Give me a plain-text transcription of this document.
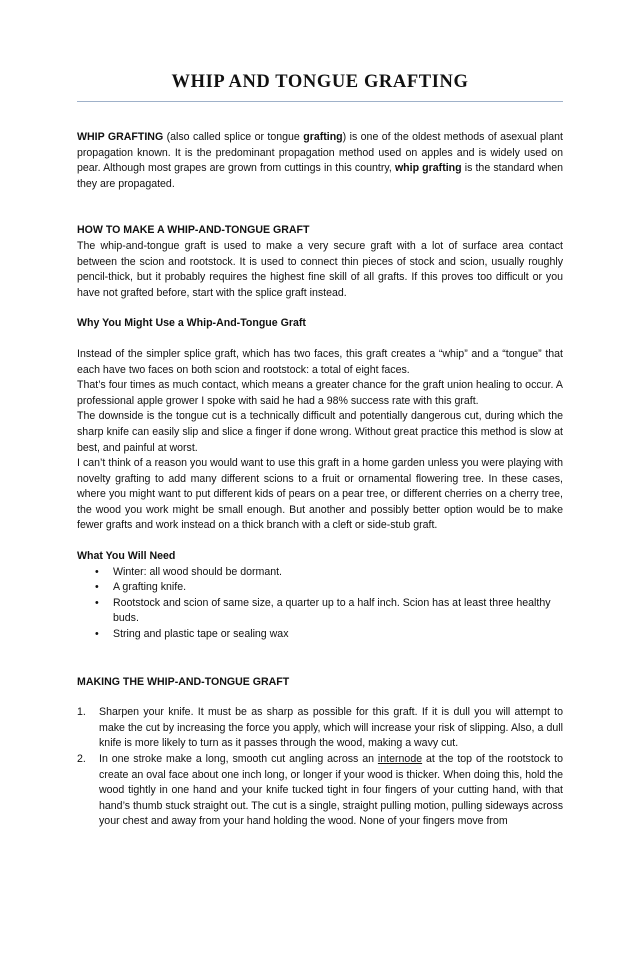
WHIP AND TONGUE GRAFTING

WHIP GRAFTING (also called splice or tongue grafting) is one of the oldest methods of asexual plant propagation known. It is the predominant propagation method used on apples and is widely used on pear. Although most grapes are grown from cuttings in this country, whip grafting is the standard when they are propagated.

HOW TO MAKE A WHIP-AND-TONGUE GRAFT

The whip-and-tongue graft is used to make a very secure graft with a lot of surface area contact between the scion and rootstock. It is used to connect thin pieces of stock and scion, usually roughly pencil-thick, but it probably requires the highest fine skill of all grafts. If this proves too difficult or you have not grafted before, start with the splice graft instead.

Why You Might Use a Whip-And-Tongue Graft

Instead of the simpler splice graft, which has two faces, this graft creates a “whip” and a “tongue” that each have two faces on both scion and rootstock: a total of eight faces.

That’s four times as much contact, which means a greater chance for the graft union healing to occur. A professional apple grower I spoke with said he had a 98% success rate with this graft.

The downside is the tongue cut is a technically difficult and potentially dangerous cut, during which the sharp knife can easily slip and slice a finger if done wrong. Without great practice this method is slow at best, and painful at worst.

I can’t think of a reason you would want to use this graft in a home garden unless you were playing with novelty grafting to add many different scions to a fruit or ornamental flowering tree. In these cases, where you might want to put different kids of pears on a pear tree, or different cherries on a cherry tree, the wood you work might be small enough. But another and possibly better option would be to make fewer grafts and work instead on a thick branch with a cleft or side-stub graft.

What You Will Need

• Winter: all wood should be dormant.
• A grafting knife.
• Rootstock and scion of same size, a quarter up to a half inch. Scion has at least three healthy buds.
• String and plastic tape or sealing wax

MAKING THE WHIP-AND-TONGUE GRAFT

1. Sharpen your knife. It must be as sharp as possible for this graft. If it is dull you will attempt to make the cut by increasing the force you apply, which will increase your risk of slipping. Also, a dull knife is more likely to turn as it passes through the wood, making a wavy cut.
2. In one stroke make a long, smooth cut angling across an internode at the top of the rootstock to create an oval face about one inch long, or longer if your wood is thicker. When doing this, hold the wood tightly in one hand and your knife tucked tight in four fingers of your cutting hand, with that hand’s thumb stuck straight out. The cut is a single, straight pulling motion, pulling sideways across your chest and away from your hand holding the wood. None of your fingers move from
